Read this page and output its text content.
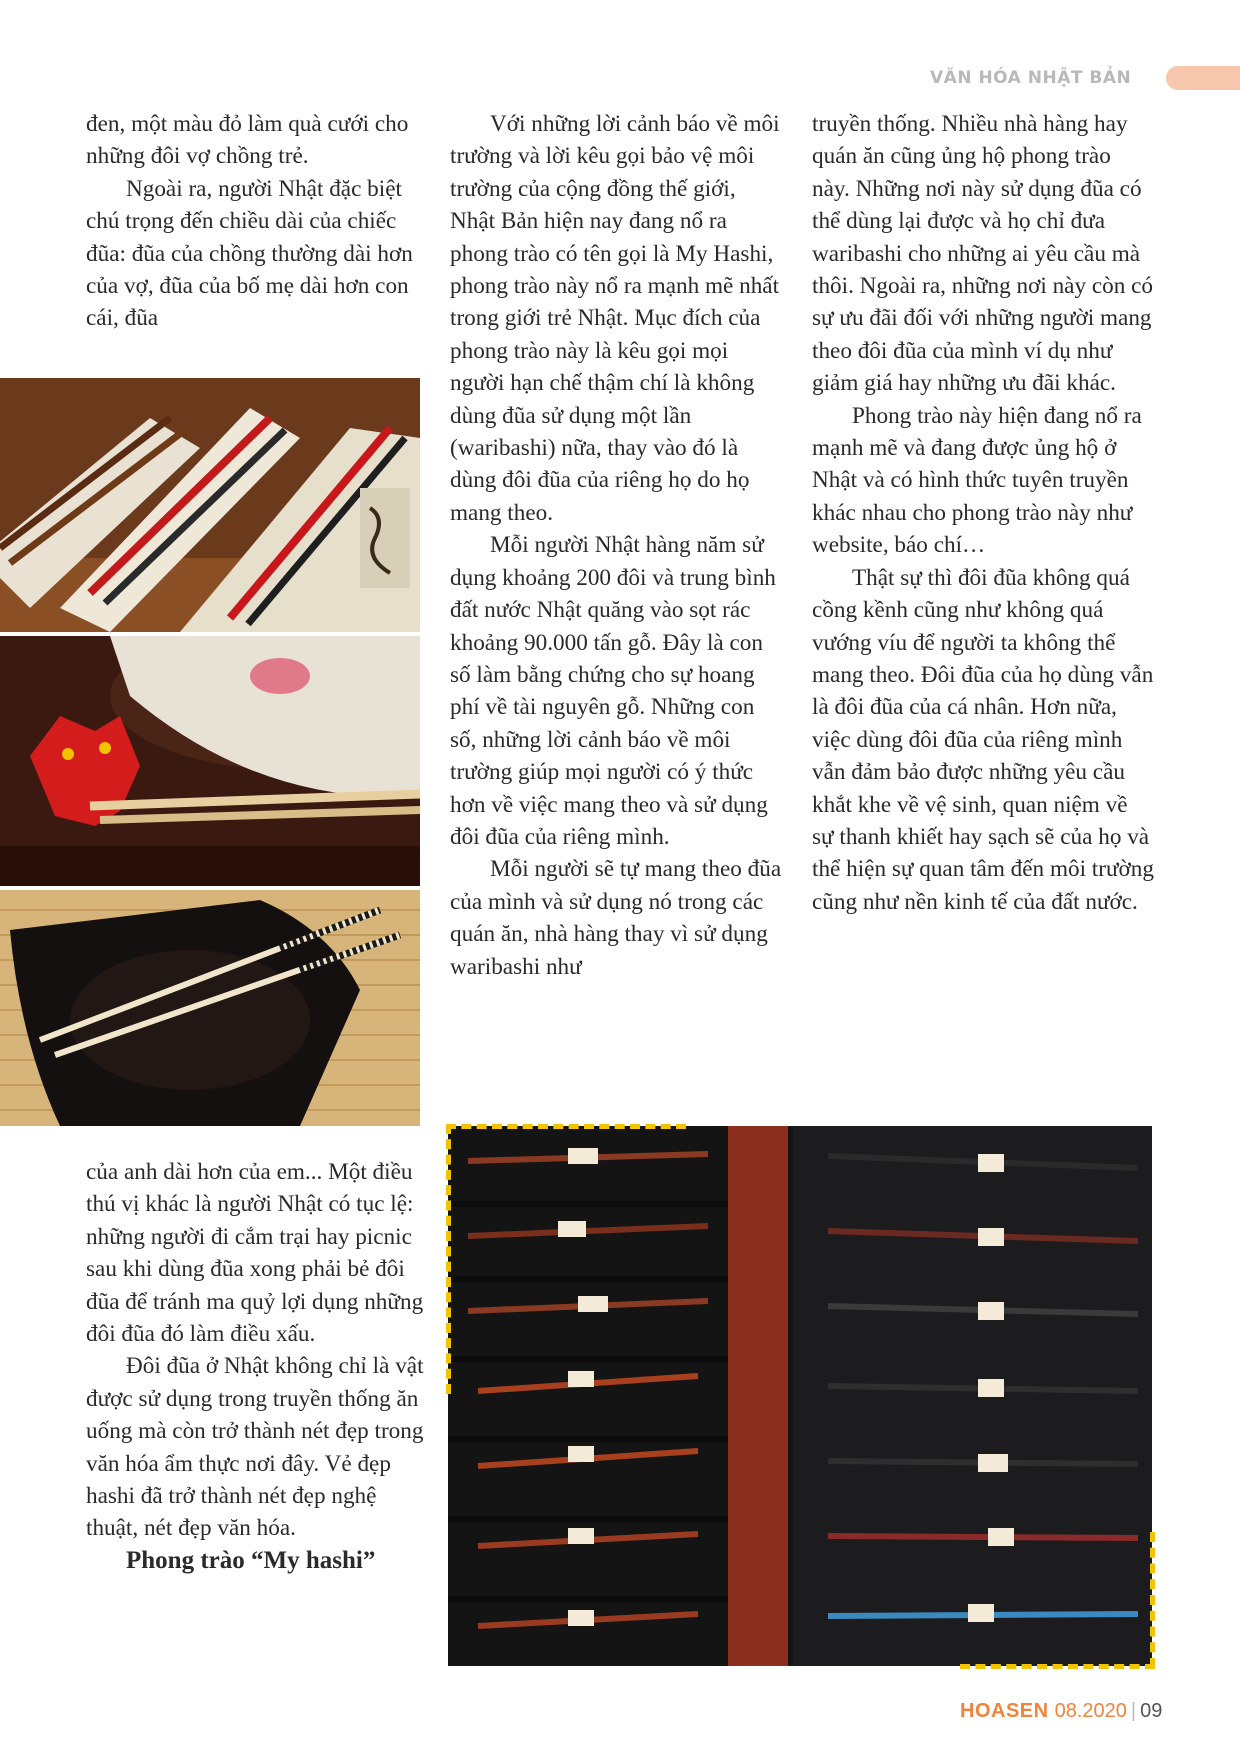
VĂN HÓA NHẬT BẢN

đen, một màu đỏ làm quà cưới cho những đôi vợ chồng trẻ.

Ngoài ra, người Nhật đặc biệt chú trọng đến chiều dài của chiếc đũa: đũa của chồng thường dài hơn của vợ, đũa của bố mẹ dài hơn con cái, đũa

của anh dài hơn của em... Một điều thú vị khác là người Nhật có tục lệ: những người đi cắm trại hay picnic sau khi dùng đũa xong phải bẻ đôi đũa để tránh ma quỷ lợi dụng những đôi đũa đó làm điều xấu.

Đôi đũa ở Nhật không chỉ là vật được sử dụng trong truyền thống ăn uống mà còn trở thành nét đẹp trong văn hóa ẩm thực nơi đây. Vẻ đẹp hashi đã trở thành nét đẹp nghệ thuật, nét đẹp văn hóa.

Phong trào “My hashi”

Với những lời cảnh báo về môi trường và lời kêu gọi bảo vệ môi trường của cộng đồng thế giới, Nhật Bản hiện nay đang nổ ra phong trào có tên gọi là My Hashi, phong trào này nổ ra mạnh mẽ nhất trong giới trẻ Nhật. Mục đích của phong trào này là kêu gọi mọi người hạn chế thậm chí là không dùng đũa sử dụng một lần (waribashi) nữa, thay vào đó là dùng đôi đũa của riêng họ do họ mang theo.

Mỗi người Nhật hàng năm sử dụng khoảng 200 đôi và trung bình đất nước Nhật quăng vào sọt rác khoảng 90.000 tấn gỗ. Đây là con số làm bằng chứng cho sự hoang phí về tài nguyên gỗ. Những con số, những lời cảnh báo về môi trường giúp mọi người có ý thức hơn về việc mang theo và sử dụng đôi đũa của riêng mình.

Mỗi người sẽ tự mang theo đũa của mình và sử dụng nó trong các quán ăn, nhà hàng thay vì sử dụng waribashi như

truyền thống. Nhiều nhà hàng hay quán ăn cũng ủng hộ phong trào này. Những nơi này sử dụng đũa có thể dùng lại được và họ chỉ đưa waribashi cho những ai yêu cầu mà thôi. Ngoài ra, những nơi này còn có sự ưu đãi đối với những người mang theo đôi đũa của mình ví dụ như giảm giá hay những ưu đãi khác.

Phong trào này hiện đang nổ ra mạnh mẽ và đang được ủng hộ ở Nhật và có hình thức tuyên truyền khác nhau cho phong trào này như website, báo chí…

Thật sự thì đôi đũa không quá cồng kềnh cũng như không quá vướng víu để người ta không thể mang theo. Đôi đũa của họ dùng vẫn là đôi đũa của cá nhân. Hơn nữa, việc dùng đôi đũa của riêng mình vẫn đảm bảo được những yêu cầu khắt khe về vệ sinh, quan niệm về sự thanh khiết hay sạch sẽ của họ và thể hiện sự quan tâm đến môi trường cũng như nền kinh tế của đất nước.

HOASEN 08.2020 | 09
